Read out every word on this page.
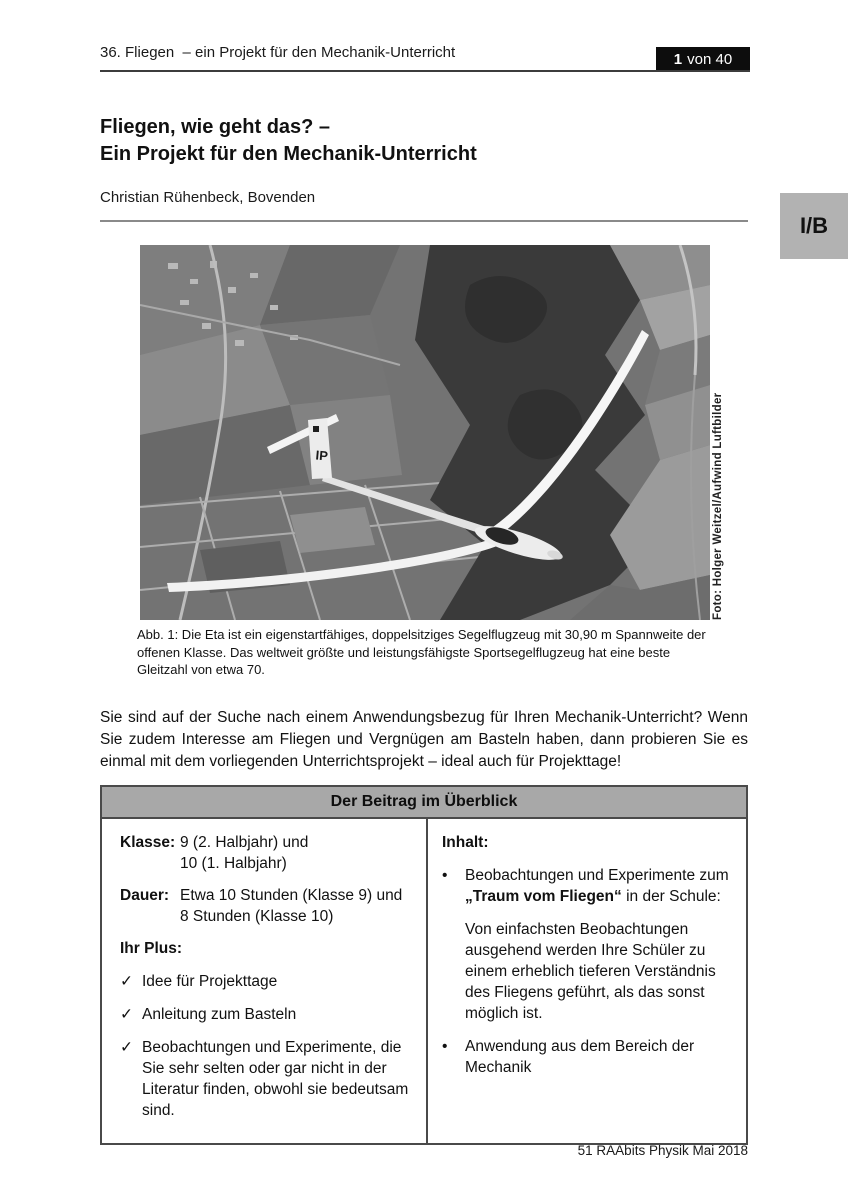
36. Fliegen  – ein Projekt für den Mechanik-Unterricht	1 von 40
I/B
Fliegen, wie geht das? –
Ein Projekt für den Mechanik-Unterricht
Christian Rühenbeck, Bovenden
IP	Foto: Holger Weitzel/Aufwind Luftbilder
Abb. 1: Die Eta ist ein eigenstartfähiges, doppelsitziges Segelflugzeug mit 30,90 m Spannweite der offenen Klasse. Das weltweit größte und leistungsfähigste Sportsegelflugzeug hat eine beste Gleitzahl von etwa 70.

Sie sind auf der Suche nach einem Anwendungsbezug für Ihren Mechanik-Unterricht? Wenn Sie zudem Interesse am Fliegen und Vergnügen am Basteln haben, dann probieren Sie es einmal mit dem vorliegenden Unterrichtsprojekt – ideal auch für Projekttage!

Der Beitrag im Überblick
Klasse: 9 (2. Halbjahr) und
10 (1. Halbjahr)
Dauer: Etwa 10 Stunden (Klasse 9) und
8 Stunden (Klasse 10)
Ihr Plus:
✓ Idee für Projekttage
✓ Anleitung zum Basteln
✓ Beobachtungen und Experimente, die Sie sehr selten oder gar nicht in der Literatur finden, obwohl sie bedeutsam sind.
Inhalt:
•	Beobachtungen und Experimente zum „Traum vom Fliegen“ in der Schule:
Von einfachsten Beobachtungen ausgehend werden Ihre Schüler zu einem erheblich tieferen Verständnis des Fliegens geführt, als das sonst möglich ist.
•	Anwendung aus dem Bereich der Mechanik
51 RAAbits Physik Mai 2018
